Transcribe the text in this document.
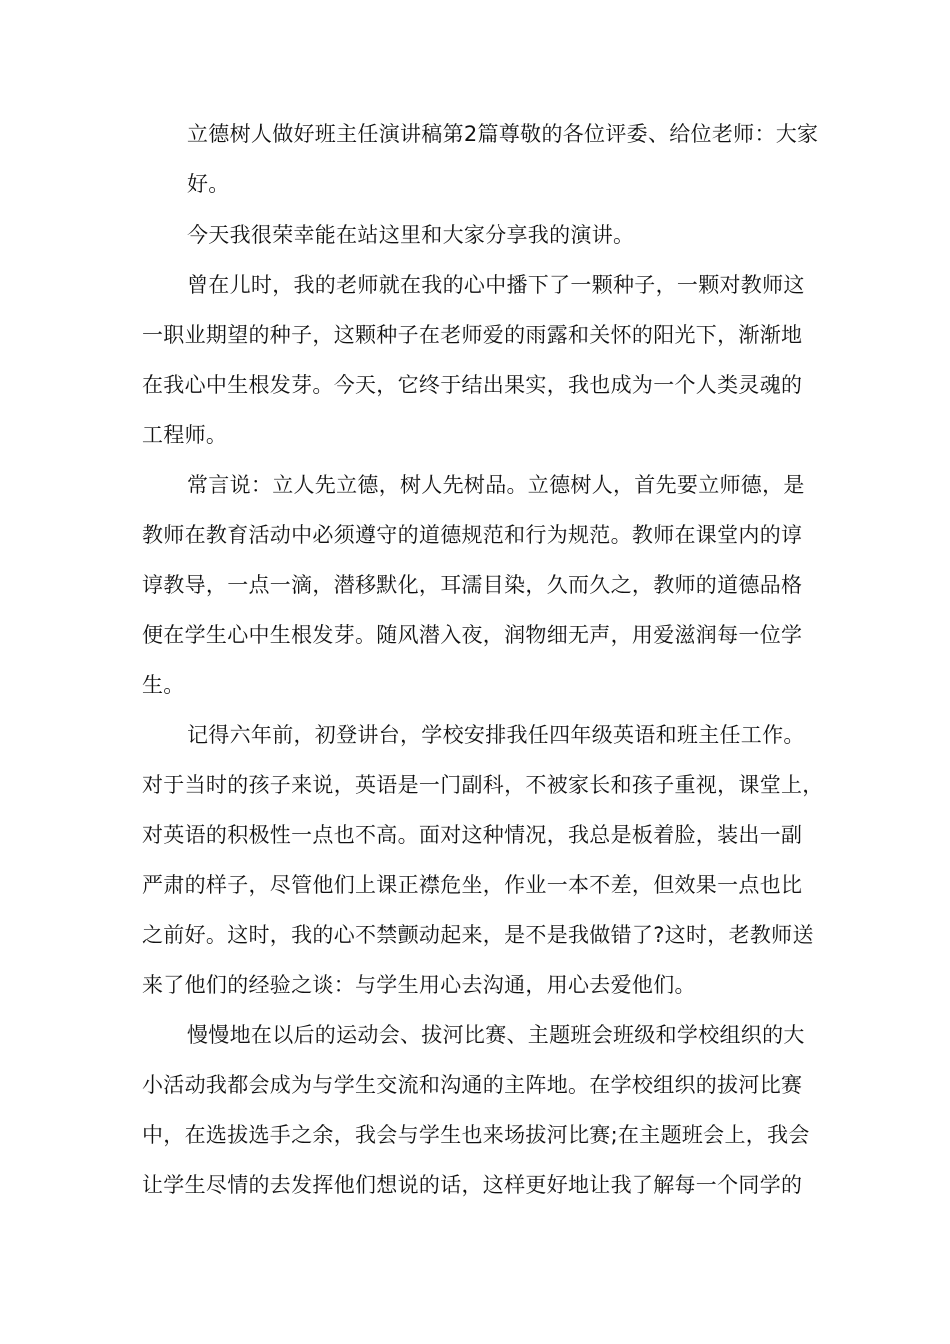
立德树人做好班主任演讲稿第2篇尊敬的各位评委、给位老师：大家
好。
今天我很荣幸能在站这里和大家分享我的演讲。
曾在儿时，我的老师就在我的心中播下了一颗种子，一颗对教师这
一职业期望的种子，这颗种子在老师爱的雨露和关怀的阳光下，渐渐地
在我心中生根发芽。今天，它终于结出果实，我也成为一个人类灵魂的
工程师。
常言说：立人先立德，树人先树品。立德树人，首先要立师德，是
教师在教育活动中必须遵守的道德规范和行为规范。教师在课堂内的谆
谆教导，一点一滴，潜移默化，耳濡目染，久而久之，教师的道德品格
便在学生心中生根发芽。随风潜入夜，润物细无声，用爱滋润每一位学
生。
记得六年前，初登讲台，学校安排我任四年级英语和班主任工作。
对于当时的孩子来说，英语是一门副科，不被家长和孩子重视，课堂上，
对英语的积极性一点也不高。面对这种情况，我总是板着脸，装出一副
严肃的样子，尽管他们上课正襟危坐，作业一本不差，但效果一点也比
之前好。这时，我的心不禁颤动起来，是不是我做错了?这时，老教师送
来了他们的经验之谈：与学生用心去沟通，用心去爱他们。
慢慢地在以后的运动会、拔河比赛、主题班会班级和学校组织的大
小活动我都会成为与学生交流和沟通的主阵地。在学校组织的拔河比赛
中，在选拔选手之余，我会与学生也来场拔河比赛;在主题班会上，我会
让学生尽情的去发挥他们想说的话，这样更好地让我了解每一个同学的
